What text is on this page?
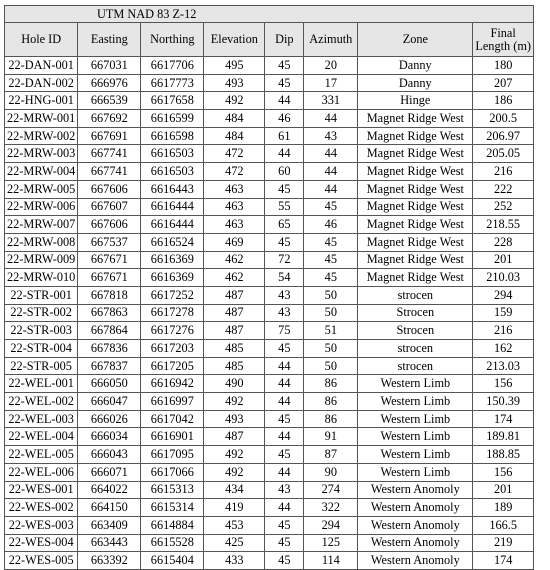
UTM NAD 83 Z-12							
Hole ID	Easting	Northing	Elevation	Dip	Azimuth	Zone	Final
Length (m)
22-DAN-001	667031	6617706	495	45	20	Danny	180
22-DAN-002	666976	6617773	493	45	17	Danny	207
22-HNG-001	666539	6617658	492	44	331	Hinge	186
22-MRW-001	667692	6616599	484	46	44	Magnet Ridge West	200.5
22-MRW-002	667691	6616598	484	61	43	Magnet Ridge West	206.97
22-MRW-003	667741	6616503	472	44	44	Magnet Ridge West	205.05
22-MRW-004	667741	6616503	472	60	44	Magnet Ridge West	216
22-MRW-005	667606	6616443	463	45	44	Magnet Ridge West	222
22-MRW-006	667607	6616444	463	55	45	Magnet Ridge West	252
22-MRW-007	667606	6616444	463	65	46	Magnet Ridge West	218.55
22-MRW-008	667537	6616524	469	45	45	Magnet Ridge West	228
22-MRW-009	667671	6616369	462	72	45	Magnet Ridge West	201
22-MRW-010	667671	6616369	462	54	45	Magnet Ridge West	210.03
22-STR-001	667818	6617252	487	43	50	strocen	294
22-STR-002	667863	6617278	487	43	50	Strocen	159
22-STR-003	667864	6617276	487	75	51	Strocen	216
22-STR-004	667836	6617203	485	45	50	strocen	162
22-STR-005	667837	6617205	485	44	50	strocen	213.03
22-WEL-001	666050	6616942	490	44	86	Western Limb	156
22-WEL-002	666047	6616997	492	44	86	Western Limb	150.39
22-WEL-003	666026	6617042	493	45	86	Western Limb	174
22-WEL-004	666034	6616901	487	44	91	Western Limb	189.81
22-WEL-005	666043	6617095	492	45	87	Western Limb	188.85
22-WEL-006	666071	6617066	492	44	90	Western Limb	156
22-WES-001	664022	6615313	434	43	274	Western Anomoly	201
22-WES-002	664150	6615314	419	44	322	Western Anomoly	189
22-WES-003	663409	6614884	453	45	294	Western Anomoly	166.5
22-WES-004	663443	6615528	425	45	125	Western Anomoly	219
22-WES-005	663392	6615404	433	45	114	Western Anomoly	174
